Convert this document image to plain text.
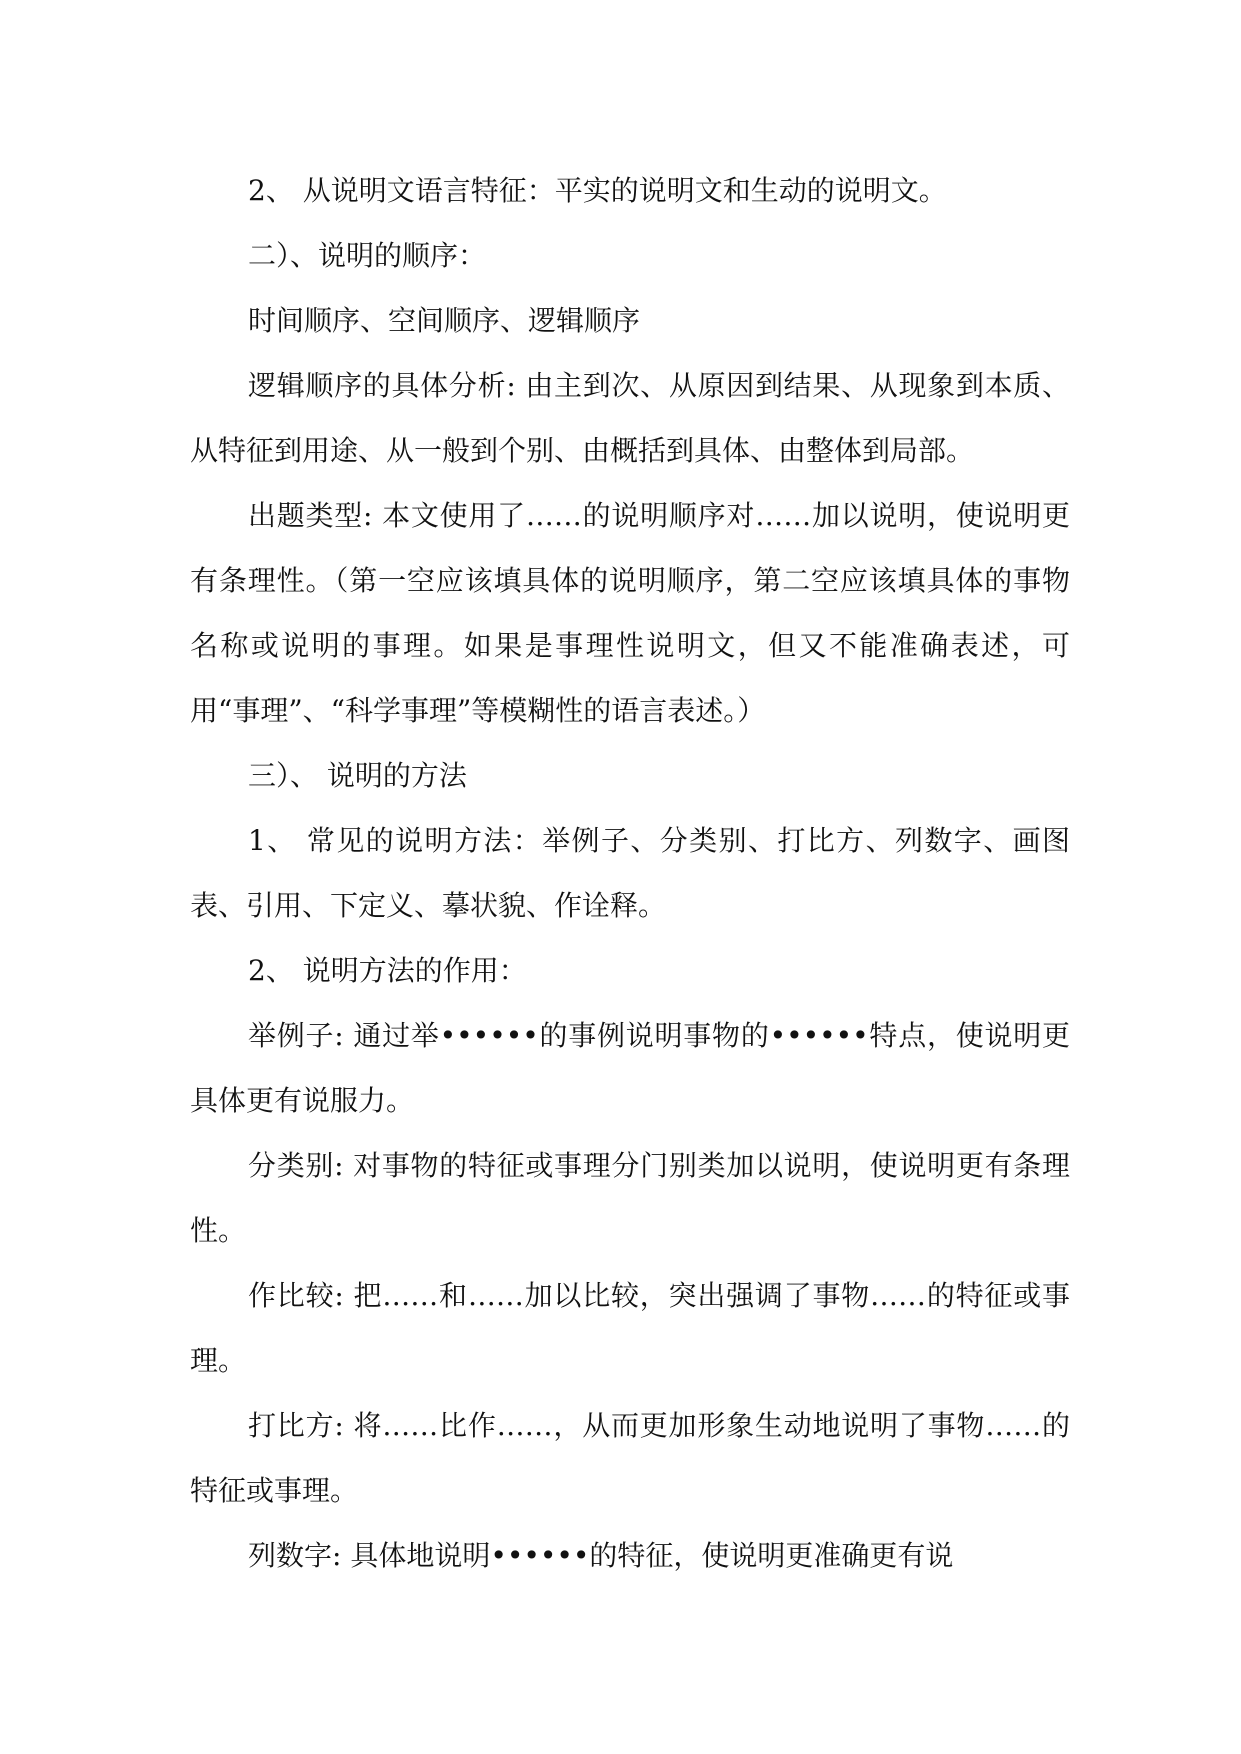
2、 从说明文语言特征：平实的说明文和生动的说明文。

二）、说明的顺序：

时间顺序、空间顺序、逻辑顺序

逻辑顺序的具体分析: 由主到次、从原因到结果、从现象到本质、从特征到用途、从一般到个别、由概括到具体、由整体到局部。

出题类型: 本文使用了……的说明顺序对……加以说明，使说明更有条理性。（第一空应该填具体的说明顺序，第二空应该填具体的事物名称或说明的事理。如果是事理性说明文，但又不能准确表述，可用“事理”、“科学事理”等模糊性的语言表述。）

三）、 说明的方法

1、 常见的说明方法：举例子、分类别、打比方、列数字、画图表、引用、下定义、摹状貌、作诠释。

2、 说明方法的作用：

举例子: 通过举••••••的事例说明事物的••••••特点，使说明更具体更有说服力。

分类别: 对事物的特征或事理分门别类加以说明，使说明更有条理性。

作比较: 把……和……加以比较，突出强调了事物……的特征或事理。

打比方: 将……比作……，从而更加形象生动地说明了事物……的特征或事理。

列数字: 具体地说明••••••的特征，使说明更准确更有说
